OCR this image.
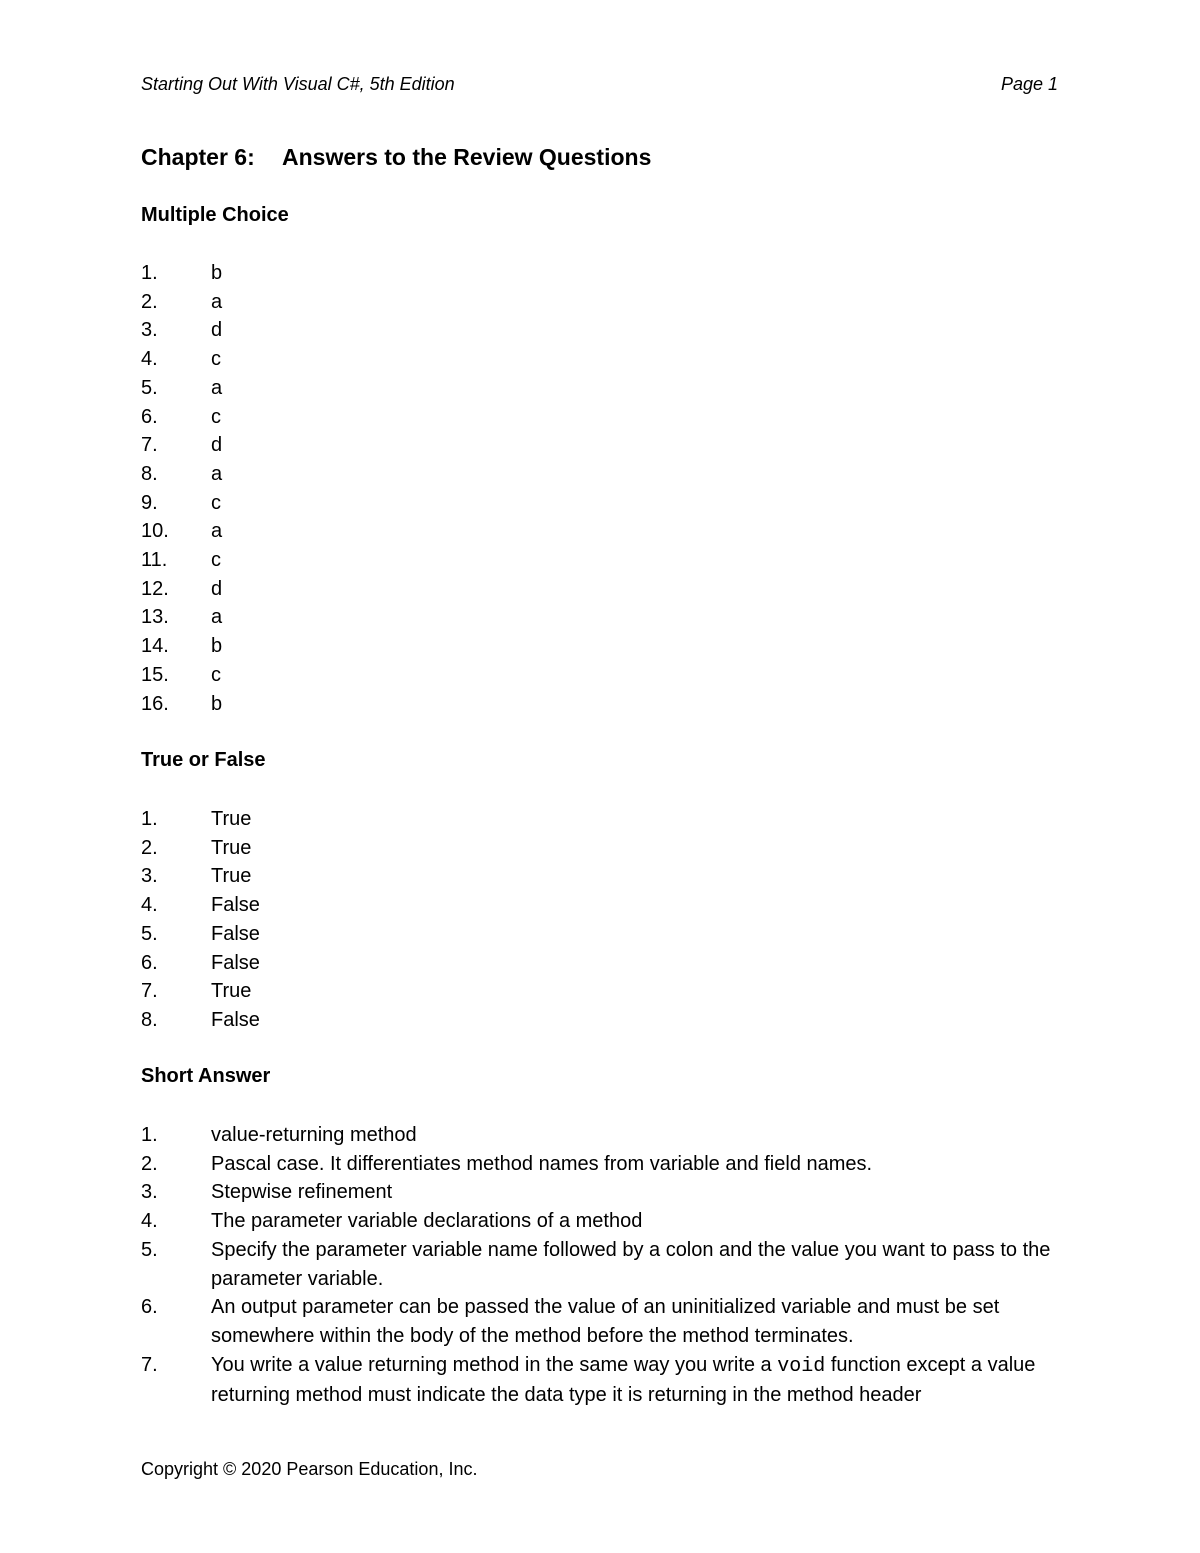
Starting Out With Visual C#, 5th Edition	Page 1
Chapter 6: Answers to the Review Questions
Multiple Choice
1.	b
2.	a
3.	d
4.	c
5.	a
6.	c
7.	d
8.	a
9.	c
10. a
11. c
12. d
13. a
14. b
15. c
16. b
True or False
1.	True
2.	True
3.	True
4.	False
5.	False
6.	False
7.	True
8.	False
Short Answer
1.	value-returning method
2.	Pascal case. It differentiates method names from variable and field names.
3.	Stepwise refinement
4.	The parameter variable declarations of a method
5.	Specify the parameter variable name followed by a colon and the value you want to pass to the parameter variable.
6.	An output parameter can be passed the value of an uninitialized variable and must be set somewhere within the body of the method before the method terminates.
7.	You write a value returning method in the same way you write a void function except a value returning method must indicate the data type it is returning in the method header
Copyright © 2020 Pearson Education, Inc.
